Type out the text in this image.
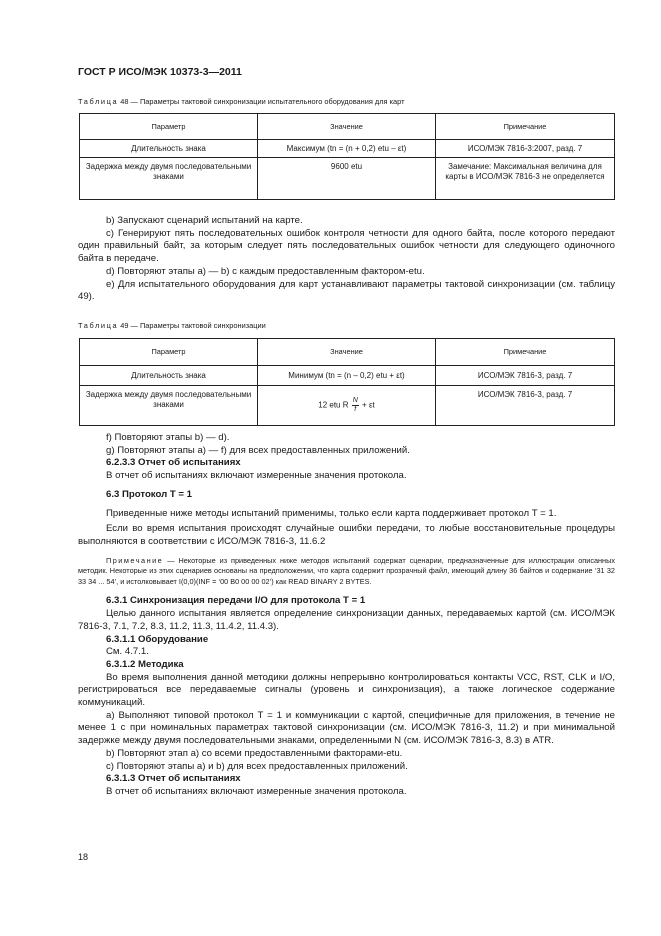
ГОСТ Р ИСО/МЭК 10373-3—2011
Таблица 48 — Параметры тактовой синхронизации испытательного оборудования для карт
Параметр	Значение	Примечание
Длительность знака	Максимум (tn = (n + 0,2) etu – εt)	ИСО/МЭК 7816-3:2007, разд. 7
Задержка между двумя последовательными знаками	9600 etu	Замечание: Максимальная величина для карты в ИСО/МЭК 7816-3 не определяется
b) Запускают сценарий испытаний на карте.
c) Генерируют пять последовательных ошибок контроля четности для одного байта, после которого передают один правильный байт, за которым следует пять последовательных ошибок четности для следующего одиночного байта в передаче.
d) Повторяют этапы a) — b) с каждым предоставленным фактором-etu.
e) Для испытательного оборудования для карт устанавливают параметры тактовой синхронизации (см. таблицу 49).
Таблица 49 — Параметры тактовой синхронизации
Параметр	Значение	Примечание
Длительность знака	Минимум (tn = (n – 0,2) etu + εt)	ИСО/МЭК 7816-3, разд. 7
Задержка между двумя последовательными знаками	12 etu R $\frac{N}{f} + \varepsilon t$	ИСО/МЭК 7816-3, разд. 7
f) Повторяют этапы b) — d).
g) Повторяют этапы a) — f) для всех предоставленных приложений.
6.2.3.3 Отчет об испытаниях
В отчет об испытаниях включают измеренные значения протокола.
6.3 Протокол T = 1
Приведенные ниже методы испытаний применимы, только если карта поддерживает протокол T = 1.
Если во время испытания происходят случайные ошибки передачи, то любые восстановительные процедуры выполняются в соответствии с ИСО/МЭК 7816-3, 11.6.2
Примечание — Некоторые из приведенных ниже методов испытаний содержат сценарии, предназначенные для иллюстрации описанных методик. Некоторые из этих сценариев основаны на предположении, что карта содержит прозрачный файл, имеющий длину 36 байтов и содержание ‘31 32 33 34 ... 54’, и истолковывает I(0,0)(INF = ‘00 B0 00 00 02’) как READ BINARY 2 BYTES.
6.3.1 Синхронизация передачи I/O для протокола T = 1
Целью данного испытания является определение синхронизации данных, передаваемых картой (см. ИСО/МЭК 7816-3, 7.1, 7.2, 8.3, 11.2, 11.3, 11.4.2, 11.4.3).
6.3.1.1 Оборудование
См. 4.7.1.
6.3.1.2 Методика
Во время выполнения данной методики должны непрерывно контролироваться контакты VCC, RST, CLK и I/O, регистрироваться все передаваемые сигналы (уровень и синхронизация), а также логическое содержание коммуникаций.
a) Выполняют типовой протокол T = 1 и коммуникации с картой, специфичные для приложения, в течение не менее 1 с при номинальных параметрах тактовой синхронизации (см. ИСО/МЭК 7816-3, 11.2) и при минимальной задержке между двумя последовательными знаками, определенными N (см. ИСО/МЭК 7816-3, 8.3) в ATR.
b) Повторяют этап a) со всеми предоставленными факторами-etu.
c) Повторяют этапы a) и b) для всех предоставленных приложений.
6.3.1.3 Отчет об испытаниях
В отчет об испытаниях включают измеренные значения протокола.
18
